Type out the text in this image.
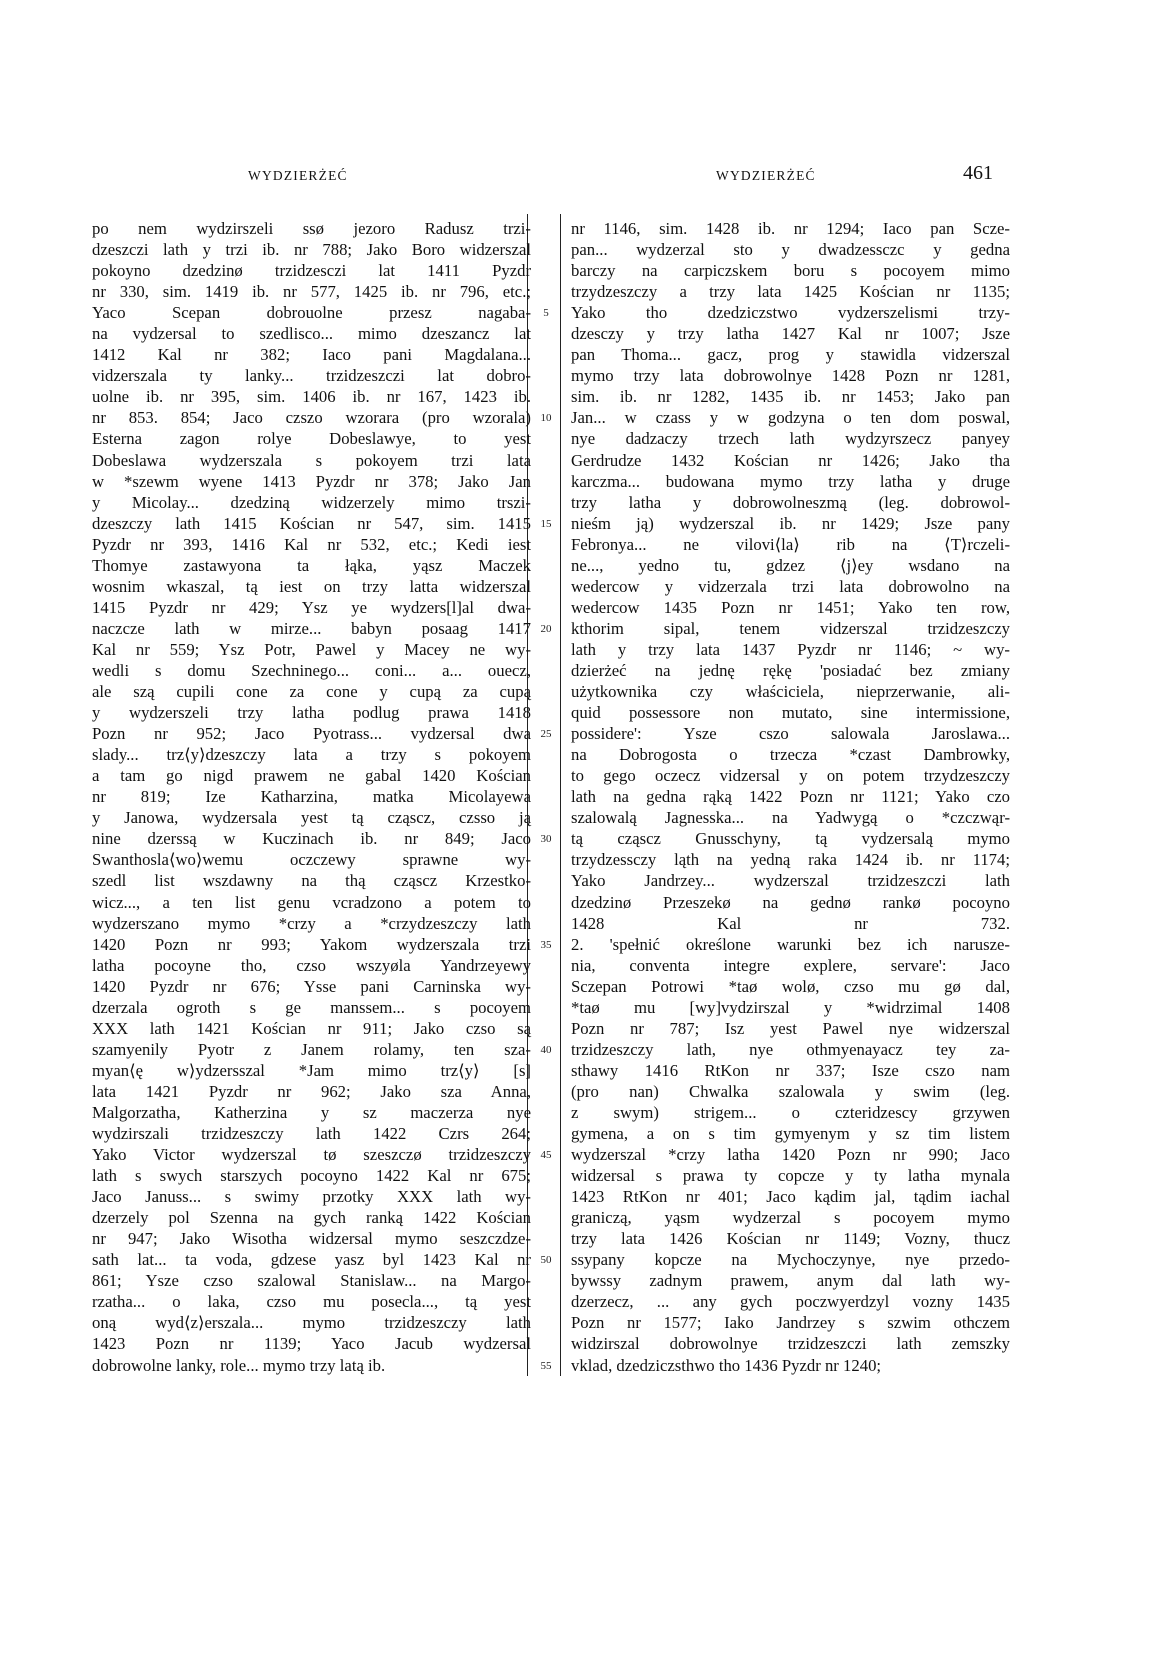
WYDZIERŻEĆ	WYDZIERŻEĆ	461
po nem wydzirszeli ssø jezoro Radusz trzi-
dzeszczi lath y trzi ib. nr 788; Jako Boro widzerszal
pokoyno dzedzinø trzidzesczi lat 1411 Pyzdr
nr 330, sim. 1419 ib. nr 577, 1425 ib. nr 796, etc.;
Yaco Scepan dobrouolne przesz nagaba-
na vydzersal to szedlisco... mimo dzeszancz lat
1412 Kal nr 382; Iaco pani Magdalana...
vidzerszala ty lanky... trzidzeszczi lat dobro-
uolne ib. nr 395, sim. 1406 ib. nr 167, 1423 ib.
nr 853. 854; Jaco czszo wzorara (pro wzorala)
Esterna zagon rolye Dobeslawye, to yest
Dobeslawa wydzerszala s pokoyem trzi lata
w *szewm wyene 1413 Pyzdr nr 378; Jako Jan
y Micolay... dzedziną widzerzely mimo trszi-
dzeszczy lath 1415 Kościan nr 547, sim. 1415
Pyzdr nr 393, 1416 Kal nr 532, etc.; Kedi iest
Thomye zastawyona ta łąka, yąsz Maczek
wosnim wkaszal, tą iest on trzy latta widzerszal
1415 Pyzdr nr 429; Ysz ye wydzers[l]al dwa-
naczcze lath w mirze... babyn posaag 1417
Kal nr 559; Ysz Potr, Pawel y Macey ne wy-
wedli s domu Szechninego... coni... a... ouecz,
ale szą cupili cone za cone y cupą za cupą
y wydzerszeli trzy latha podlug prawa 1418
Pozn nr 952; Jaco Pyotrass... vydzersal dwa
slady... trz⟨y⟩dzeszczy lata a trzy s pokoyem
a tam go nigd prawem ne gabal 1420 Kościan
nr 819; Ize Katharzina, matka Micolayewa
y Janowa, wydzersala yest tą cząscz, czsso ją
nine dzerssą w Kuczinach ib. nr 849; Jaco
Swanthosla⟨wo⟩wemu oczczewy sprawne wy-
szedl list wszdawny na thą cząscz Krzestko-
wicz..., a ten list genu vcradzono a potem to
wydzerszano mymo *crzy a *crzydzeszczy lath
1420 Pozn nr 993; Yakom wydzerszala trzi
latha pocoyne tho, czso wszyøla Yandrzeyewy
1420 Pyzdr nr 676; Ysse pani Carninska wy-
dzerzala ogroth s ge manssem... s pocoyem
XXX lath 1421 Kościan nr 911; Jako czso są
szamyenily Pyotr z Janem rolamy, ten sza-
myan⟨ę w⟩ydzersszal *Jam mimo trz⟨y⟩ [s]
lata 1421 Pyzdr nr 962; Jako sza Anna,
Malgorzatha, Katherzina y sz maczerza nye
wydzirszali trzidzeszczy lath 1422 Czrs 264;
Yako Victor wydzerszal tø szeszczø trzidzeszczy
lath s swych starszych pocoyno 1422 Kal nr 675;
Jaco Januss... s swimy przotky XXX lath wy-
dzerzely pol Szenna na gych ranką 1422 Kościan
nr 947; Jako Wisotha widzersal mymo seszczdze-
sath lat... ta voda, gdzese yasz byl 1423 Kal nr
861; Ysze czso szalowal Stanislaw... na Margo-
rzatha... o laka, czso mu posecla..., tą yest
oną wyd⟨z⟩erszala... mymo trzidzeszczy lath
1423 Pozn nr 1139; Yaco Jacub wydzersal
dobrowolne lanky, role... mymo trzy latą ib.
nr 1146, sim. 1428 ib. nr 1294; Iaco pan Scze-
pan... wydzerzal sto y dwadzessczc y gedna
barczy na carpiczskem boru s pocoyem mimo
trzydzeszczy a trzy lata 1425 Kościan nr 1135;
Yako tho dzedziczstwo vydzerszelismi trzy-
dzesczy y trzy latha 1427 Kal nr 1007; Jsze
pan Thoma... gacz, prog y stawidla vidzerszal
mymo trzy lata dobrowolnye 1428 Pozn nr 1281,
sim. ib. nr 1282, 1435 ib. nr 1453; Jako pan
Jan... w czass y w godzyna o ten dom poswal,
nye dadzaczy trzech lath wydzyrszecz panyey
Gerdrudze 1432 Kościan nr 1426; Jako tha
karczma... budowana mymo trzy latha y druge
trzy latha y dobrowolneszmą (leg. dobrowol-
nieśm ją) wydzerszal ib. nr 1429; Jsze pany
Febronya... ne vilovi⟨la⟩ rib na ⟨T⟩rczeli-
ne..., yedno tu, gdzez ⟨j⟩ey wsdano na
wedercow y vidzerzala trzi lata dobrowolno na
wedercow 1435 Pozn nr 1451; Yako ten row,
kthorim sipal, tenem vidzerszal trzidzeszczy
lath y trzy lata 1437 Pyzdr nr 1146; ~ wy-
dzierżeć na jednę rękę 'posiadać bez zmiany
użytkownika czy właściciela, nieprzerwanie, ali-
quid possessore non mutato, sine intermissione,
possidere': Ysze cszo salowala Jaroslawa...
na Dobrogosta o trzecza *czast Dambrowky,
to gego oczecz vidzersal y on potem trzydzeszczy
lath na gedna rąką 1422 Pozn nr 1121; Yako czo
szalowalą Jagnesska... na Yadwygą o *czczwąr-
tą cząscz Gnusschyny, tą vydzersalą mymo
trzydzessczy ląth na yedną raka 1424 ib. nr 1174;
Yako Jandrzey... wydzerszal trzidzeszczi lath
dzedzinø Przeszekø na gednø rankø pocoyno
1428 Kal nr 732.
2. 'spełnić określone warunki bez ich narusze-
nia, conventa integre explere, servare': Jaco
Sczepan Potrowi *taø wolø, czso mu gø dal,
*taø mu [wy]vydzirszal y *widrzimal 1408
Pozn nr 787; Isz yest Pawel nye widzerszal
trzidzeszczy lath, nye othmyenayacz tey za-
sthawy 1416 RtKon nr 337; Isze cszo nam
(pro nan) Chwalka szalowala y swim (leg.
z swym) strigem... o czteridzescy grzywen
gymena, a on s tim gymyenym y sz tim listem
wydzerszal *crzy latha 1420 Pozn nr 990; Jaco
widzersal s prawa ty copcze y ty latha mynala
1423 RtKon nr 401; Jaco kądim jal, tądim iachal
graniczą, yąsm wydzerzal s pocoyem mymo
trzy lata 1426 Kościan nr 1149; Vozny, thucz
ssypany kopcze na Mychoczynye, nye przedo-
bywssy zadnym prawem, anym dal lath wy-
dzerzecz, ... any gych poczwyerdzyl vozny 1435
Pozn nr 1577; Iako Jandrzey s szwim othczem
widzirszal dobrowolnye trzidzeszczi lath zemszky
vklad, dzedziczsthwo tho 1436 Pyzdr nr 1240;
5
10
15
20
25
30
35
40
45
50
55
